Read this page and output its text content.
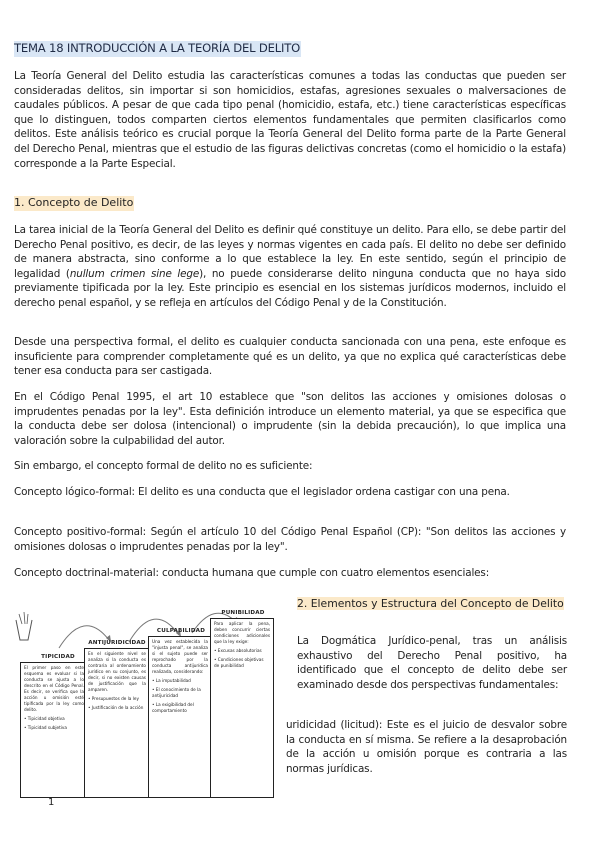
TEMA 18 INTRODUCCIÓN A LA TEORÍA DEL DELITO
La Teoría General del Delito estudia las características comunes a todas las conductas que pueden ser consideradas delitos, sin importar si son homicidios, estafas, agresiones sexuales o malversaciones de caudales públicos. A pesar de que cada tipo penal (homicidio, estafa, etc.) tiene características específicas que lo distinguen, todos comparten ciertos elementos fundamentales que permiten clasificarlos como delitos. Este análisis teórico es crucial porque la Teoría General del Delito forma parte de la Parte General del Derecho Penal, mientras que el estudio de las figuras delictivas concretas (como el homicidio o la estafa) corresponde a la Parte Especial.
1. Concepto de Delito
La tarea inicial de la Teoría General del Delito es definir qué constituye un delito. Para ello, se debe partir del Derecho Penal positivo, es decir, de las leyes y normas vigentes en cada país. El delito no debe ser definido de manera abstracta, sino conforme a lo que establece la ley. En este sentido, según el principio de legalidad (nullum crimen sine lege), no puede considerarse delito ninguna conducta que no haya sido previamente tipificada por la ley. Este principio es esencial en los sistemas jurídicos modernos, incluido el derecho penal español, y se refleja en artículos del Código Penal y de la Constitución.
Desde una perspectiva formal, el delito es cualquier conducta sancionada con una pena, este enfoque es insuficiente para comprender completamente qué es un delito, ya que no explica qué características debe tener esa conducta para ser castigada.
En el Código Penal 1995, el art 10 establece que "son delitos las acciones y omisiones dolosas o imprudentes penadas por la ley". Esta definición introduce un elemento material, ya que se especifica que la conducta debe ser dolosa (intencional) o imprudente (sin la debida precaución), lo que implica una valoración sobre la culpabilidad del autor.
Sin embargo, el concepto formal de delito no es suficiente:
Concepto lógico-formal: El delito es una conducta que el legislador ordena castigar con una pena.
Concepto positivo-formal: Según el artículo 10 del Código Penal Español (CP): "Son delitos las acciones y omisiones dolosas o imprudentes penadas por la ley".
Concepto doctrinal-material: conducta humana que cumple con cuatro elementos esenciales:
TIPICIDAD
El primer paso en este esquema es evaluar si la conducta se ajusta a lo descrito en el Código Penal. Es decir, se verifica que la acción u omisión esté tipificada por la ley como delito.
• Tipicidad objetiva
• Tipicidad subjetiva
ANTIJURIDICIDAD
En el siguiente nivel se analiza si la conducta es contraria al ordenamiento jurídico en su conjunto, es decir, si no existen causas de justificación que la amparen.
• Presupuestos de la ley
• Justificación de la acción
CULPABILIDAD
Una vez establecida la "injusta penal", se analiza si el sujeto puede ser reprochado por la conducta antijurídica realizada, considerando:
• La imputabilidad
• El conocimiento de la antijuricidad
• La exigibilidad del comportamiento
PUNIBILIDAD
Para aplicar la pena, deben concurrir ciertas condiciones adicionales que la ley exige:
• Excusas absolutorias
• Condiciones objetivas de punibilidad
2. Elementos y Estructura del Concepto de Delito
La Dogmática Jurídico-penal, tras un análisis exhaustivo del Derecho Penal positivo, ha identificado que el concepto de delito debe ser examinado desde dos perspectivas fundamentales:
uridicidad (licitud): Este es el juicio de desvalor sobre la conducta en sí misma. Se refiere a la desaprobación de la acción u omisión porque es contraria a las normas jurídicas.
1
